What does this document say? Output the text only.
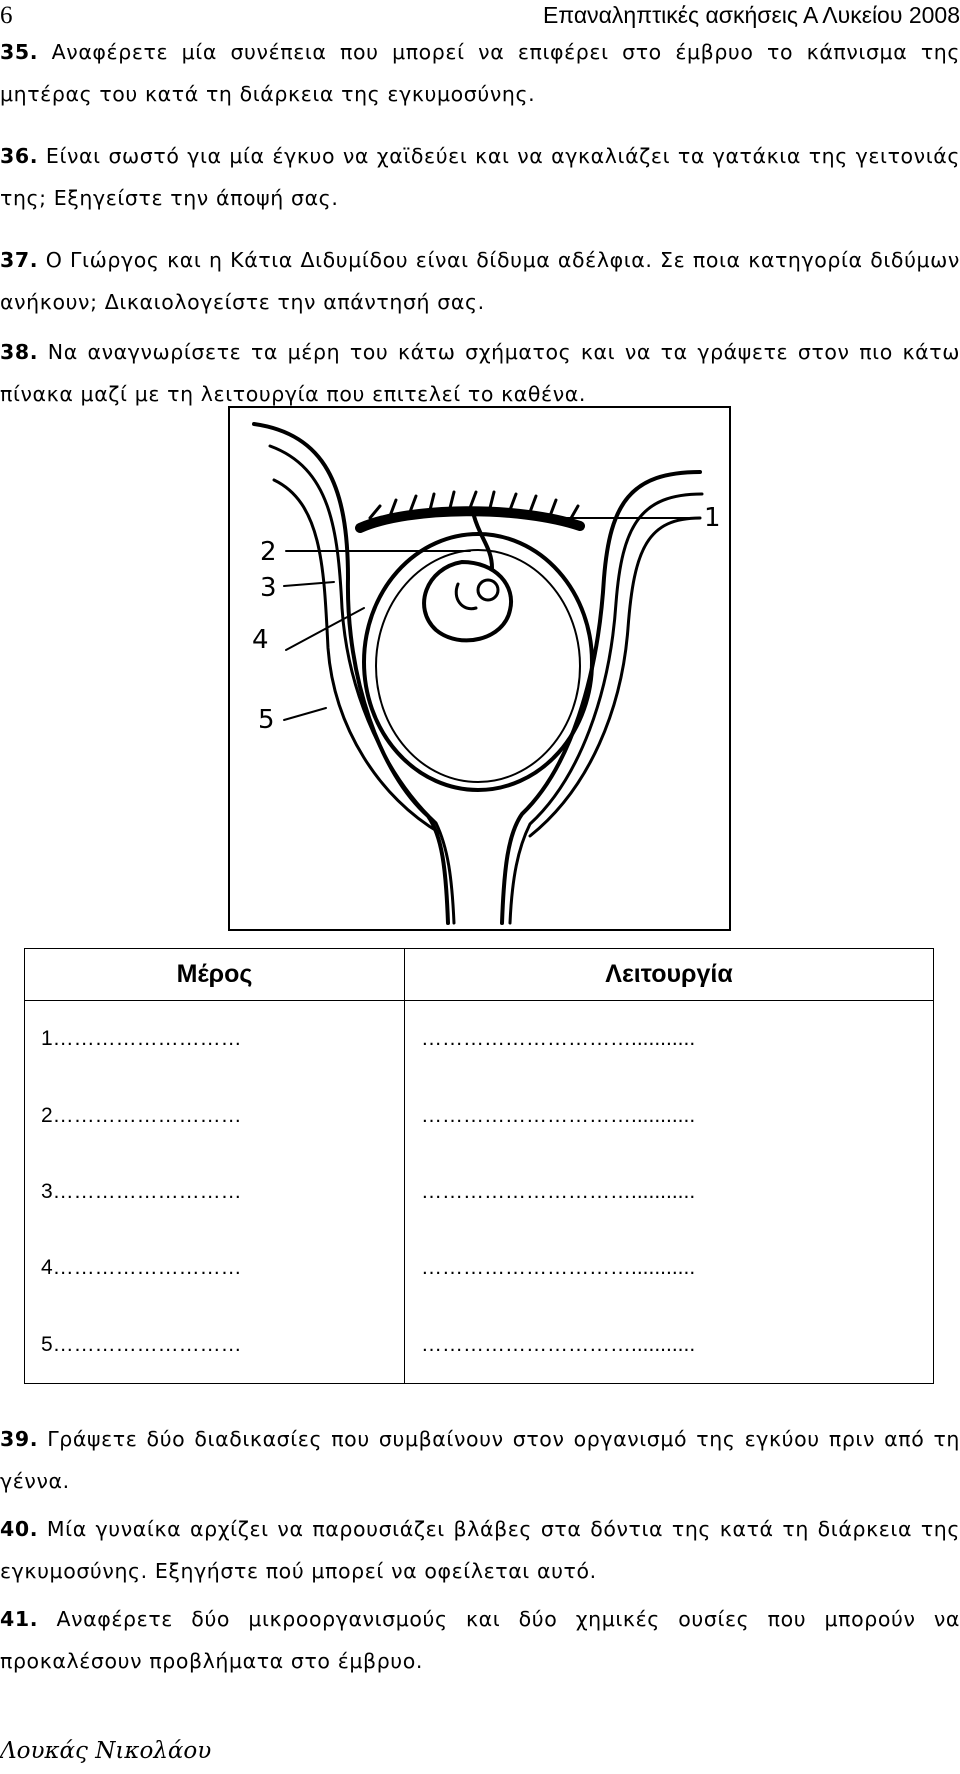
6	Επαναληπτικές ασκήσεις Α Λυκείου 2008
35. Αναφέρετε μία συνέπεια που μπορεί να επιφέρει στο έμβρυο το κάπνισμα της μητέρας του κατά τη διάρκεια της εγκυμοσύνης.
36. Είναι σωστό για μία έγκυο να χαϊδεύει και να αγκαλιάζει τα γατάκια της γειτονιάς της; Εξηγείστε την άποψή σας.
37. Ο Γιώργος και η Κάτια Διδυμίδου είναι δίδυμα αδέλφια. Σε ποια κατηγορία διδύμων ανήκουν; Δικαιολογείστε την απάντησή σας.
38. Να αναγνωρίσετε τα μέρη του κάτω σχήματος και να τα γράψετε στον πιο κάτω πίνακα μαζί με τη λειτουργία που επιτελεί το καθένα.
1
2
3
4
5
Μέρος	Λειτουργία
1………………………	…………………………...........
2………………………	…………………………...........
3………………………	…………………………...........
4………………………	…………………………...........
5………………………	…………………………...........
39. Γράψετε δύο διαδικασίες που συμβαίνουν στον οργανισμό της εγκύου πριν από τη γέννα.
40. Μία γυναίκα αρχίζει να παρουσιάζει βλάβες στα δόντια της κατά τη διάρκεια της εγκυμοσύνης. Εξηγήστε πού μπορεί να οφείλεται αυτό.
41. Αναφέρετε δύο μικροοργανισμούς και δύο χημικές ουσίες που μπορούν να προκαλέσουν προβλήματα στο έμβρυο.
Λουκάς Νικολάου
